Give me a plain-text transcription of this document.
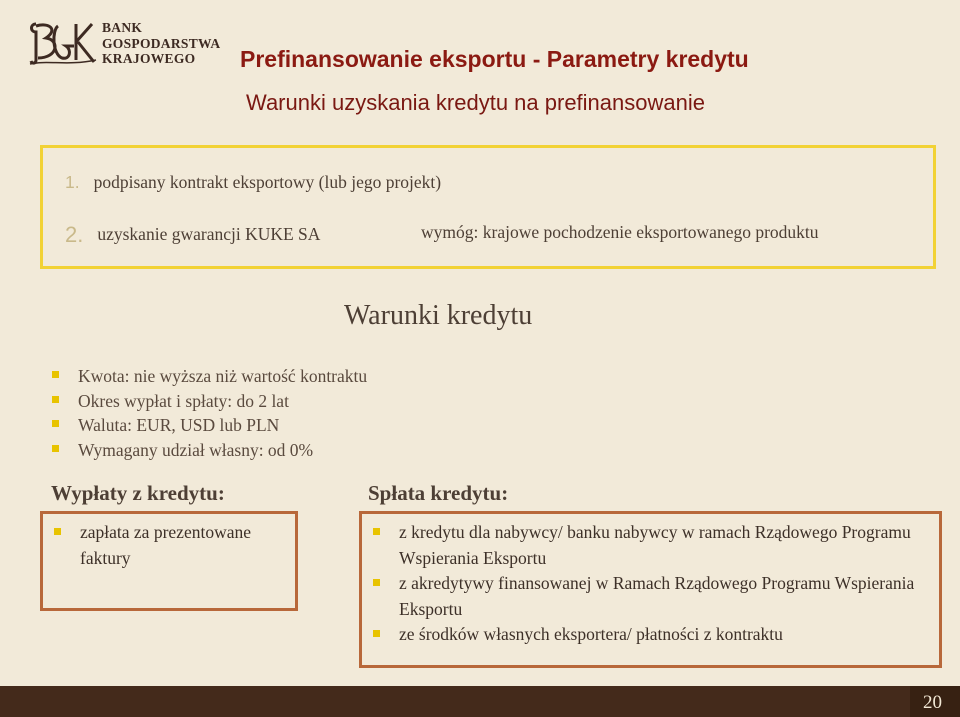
BANK
GOSPODARSTWA
KRAJOWEGO	Prefinansowanie eksportu - Parametry kredytu
Warunki uzyskania kredytu na prefinansowanie
1. podpisany kontrakt eksportowy (lub jego projekt)
2. uzyskanie gwarancji KUKE SA	wymóg: krajowe pochodzenie eksportowanego produktu
Warunki kredytu
Kwota: nie wyższa niż wartość kontraktu
Okres wypłat i spłaty: do 2 lat
Waluta: EUR, USD lub PLN
Wymagany udział własny: od 0%
Wypłaty z kredytu:	Spłata kredytu:
zapłata za prezentowane faktury
z kredytu dla nabywcy/ banku nabywcy w ramach Rządowego Programu Wspierania Eksportu
z akredytywy finansowanej w Ramach Rządowego Programu Wspierania Eksportu
ze środków własnych eksportera/ płatności z kontraktu
20
